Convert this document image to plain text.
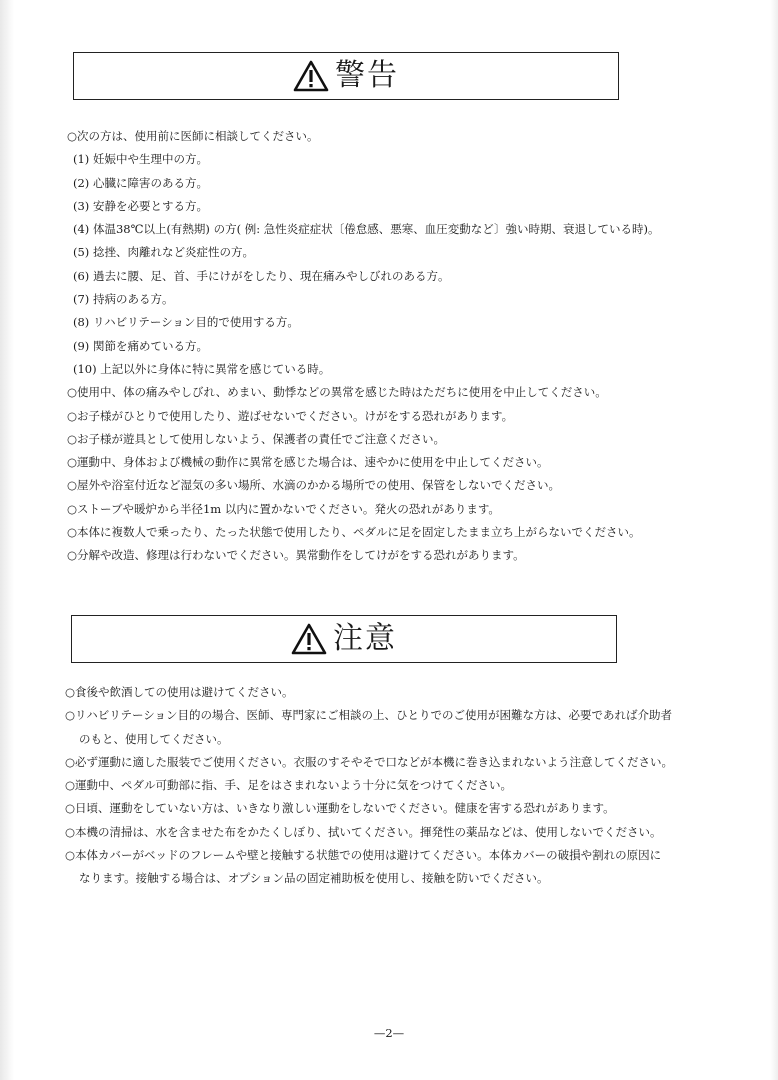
警告
○次の方は、使用前に医師に相談してください。
(1) 妊娠中や生理中の方。
(2) 心臓に障害のある方。
(3) 安静を必要とする方。
(4) 体温38℃以上(有熱期) の方( 例: 急性炎症症状〔倦怠感、悪寒、血圧変動など〕強い時期、衰退している時)。
(5) 捻挫、肉離れなど炎症性の方。
(6) 過去に腰、足、首、手にけがをしたり、現在痛みやしびれのある方。
(7) 持病のある方。
(8) リハビリテーション目的で使用する方。
(9) 関節を痛めている方。
(10) 上記以外に身体に特に異常を感じている時。
○使用中、体の痛みやしびれ、めまい、動悸などの異常を感じた時はただちに使用を中止してください。
○お子様がひとりで使用したり、遊ばせないでください。けがをする恐れがあります。
○お子様が遊具として使用しないよう、保護者の責任でご注意ください。
○運動中、身体および機械の動作に異常を感じた場合は、速やかに使用を中止してください。
○屋外や浴室付近など湿気の多い場所、水滴のかかる場所での使用、保管をしないでください。
○ストーブや暖炉から半径1m 以内に置かないでください。発火の恐れがあります。
○本体に複数人で乗ったり、たった状態で使用したり、ペダルに足を固定したまま立ち上がらないでください。
○分解や改造、修理は行わないでください。異常動作をしてけがをする恐れがあります。
注意
○食後や飲酒しての使用は避けてください。
○リハビリテーション目的の場合、医師、専門家にご相談の上、ひとりでのご使用が困難な方は、必要であれば介助者
のもと、使用してください。
○必ず運動に適した服装でご使用ください。衣服のすそやそで口などが本機に巻き込まれないよう注意してください。
○運動中、ペダル可動部に指、手、足をはさまれないよう十分に気をつけてください。
○日頃、運動をしていない方は、いきなり激しい運動をしないでください。健康を害する恐れがあります。
○本機の清掃は、水を含ませた布をかたくしぼり、拭いてください。揮発性の薬品などは、使用しないでください。
○本体カバーがベッドのフレームや壁と接触する状態での使用は避けてください。本体カバーの破損や割れの原因に
なります。接触する場合は、オプション品の固定補助板を使用し、接触を防いでください。
—2—
